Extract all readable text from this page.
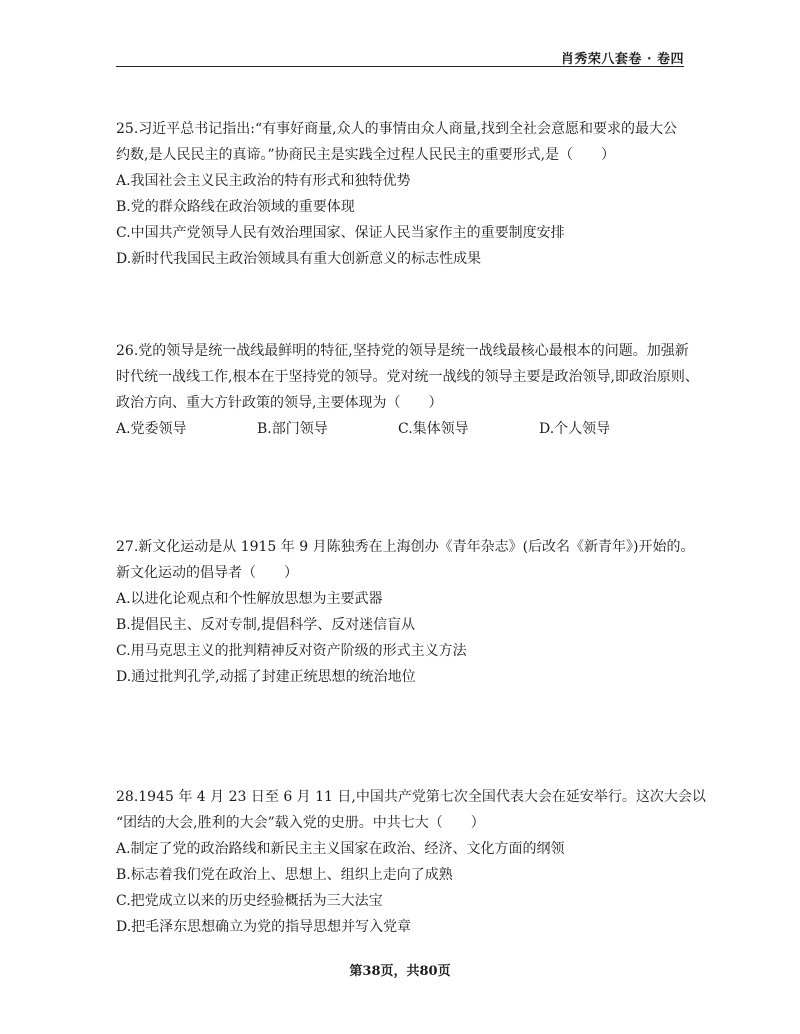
肖秀荣八套卷 · 卷四
25.习近平总书记指出:“有事好商量,众人的事情由众人商量,找到全社会意愿和要求的最大公
约数,是人民民主的真谛。”协商民主是实践全过程人民民主的重要形式,是（　　）
A.我国社会主义民主政治的特有形式和独特优势
B.党的群众路线在政治领域的重要体现
C.中国共产党领导人民有效治理国家、保证人民当家作主的重要制度安排
D.新时代我国民主政治领域具有重大创新意义的标志性成果
26.党的领导是统一战线最鲜明的特征,坚持党的领导是统一战线最核心最根本的问题。加强新
时代统一战线工作,根本在于坚持党的领导。党对统一战线的领导主要是政治领导,即政治原则、
政治方向、重大方针政策的领导,主要体现为（　　）
A.党委领导	B.部门领导	C.集体领导	D.个人领导
27.新文化运动是从 1915 年 9 月陈独秀在上海创办《青年杂志》(后改名《新青年》)开始的。
新文化运动的倡导者（　　）
A.以进化论观点和个性解放思想为主要武器
B.提倡民主、反对专制,提倡科学、反对迷信盲从
C.用马克思主义的批判精神反对资产阶级的形式主义方法
D.通过批判孔学,动摇了封建正统思想的统治地位
28.1945 年 4 月 23 日至 6 月 11 日,中国共产党第七次全国代表大会在延安举行。这次大会以
“团结的大会,胜利的大会”载入党的史册。中共七大（　　）
A.制定了党的政治路线和新民主主义国家在政治、经济、文化方面的纲领
B.标志着我们党在政治上、思想上、组织上走向了成熟
C.把党成立以来的历史经验概括为三大法宝
D.把毛泽东思想确立为党的指导思想并写入党章
第38页，共80页
